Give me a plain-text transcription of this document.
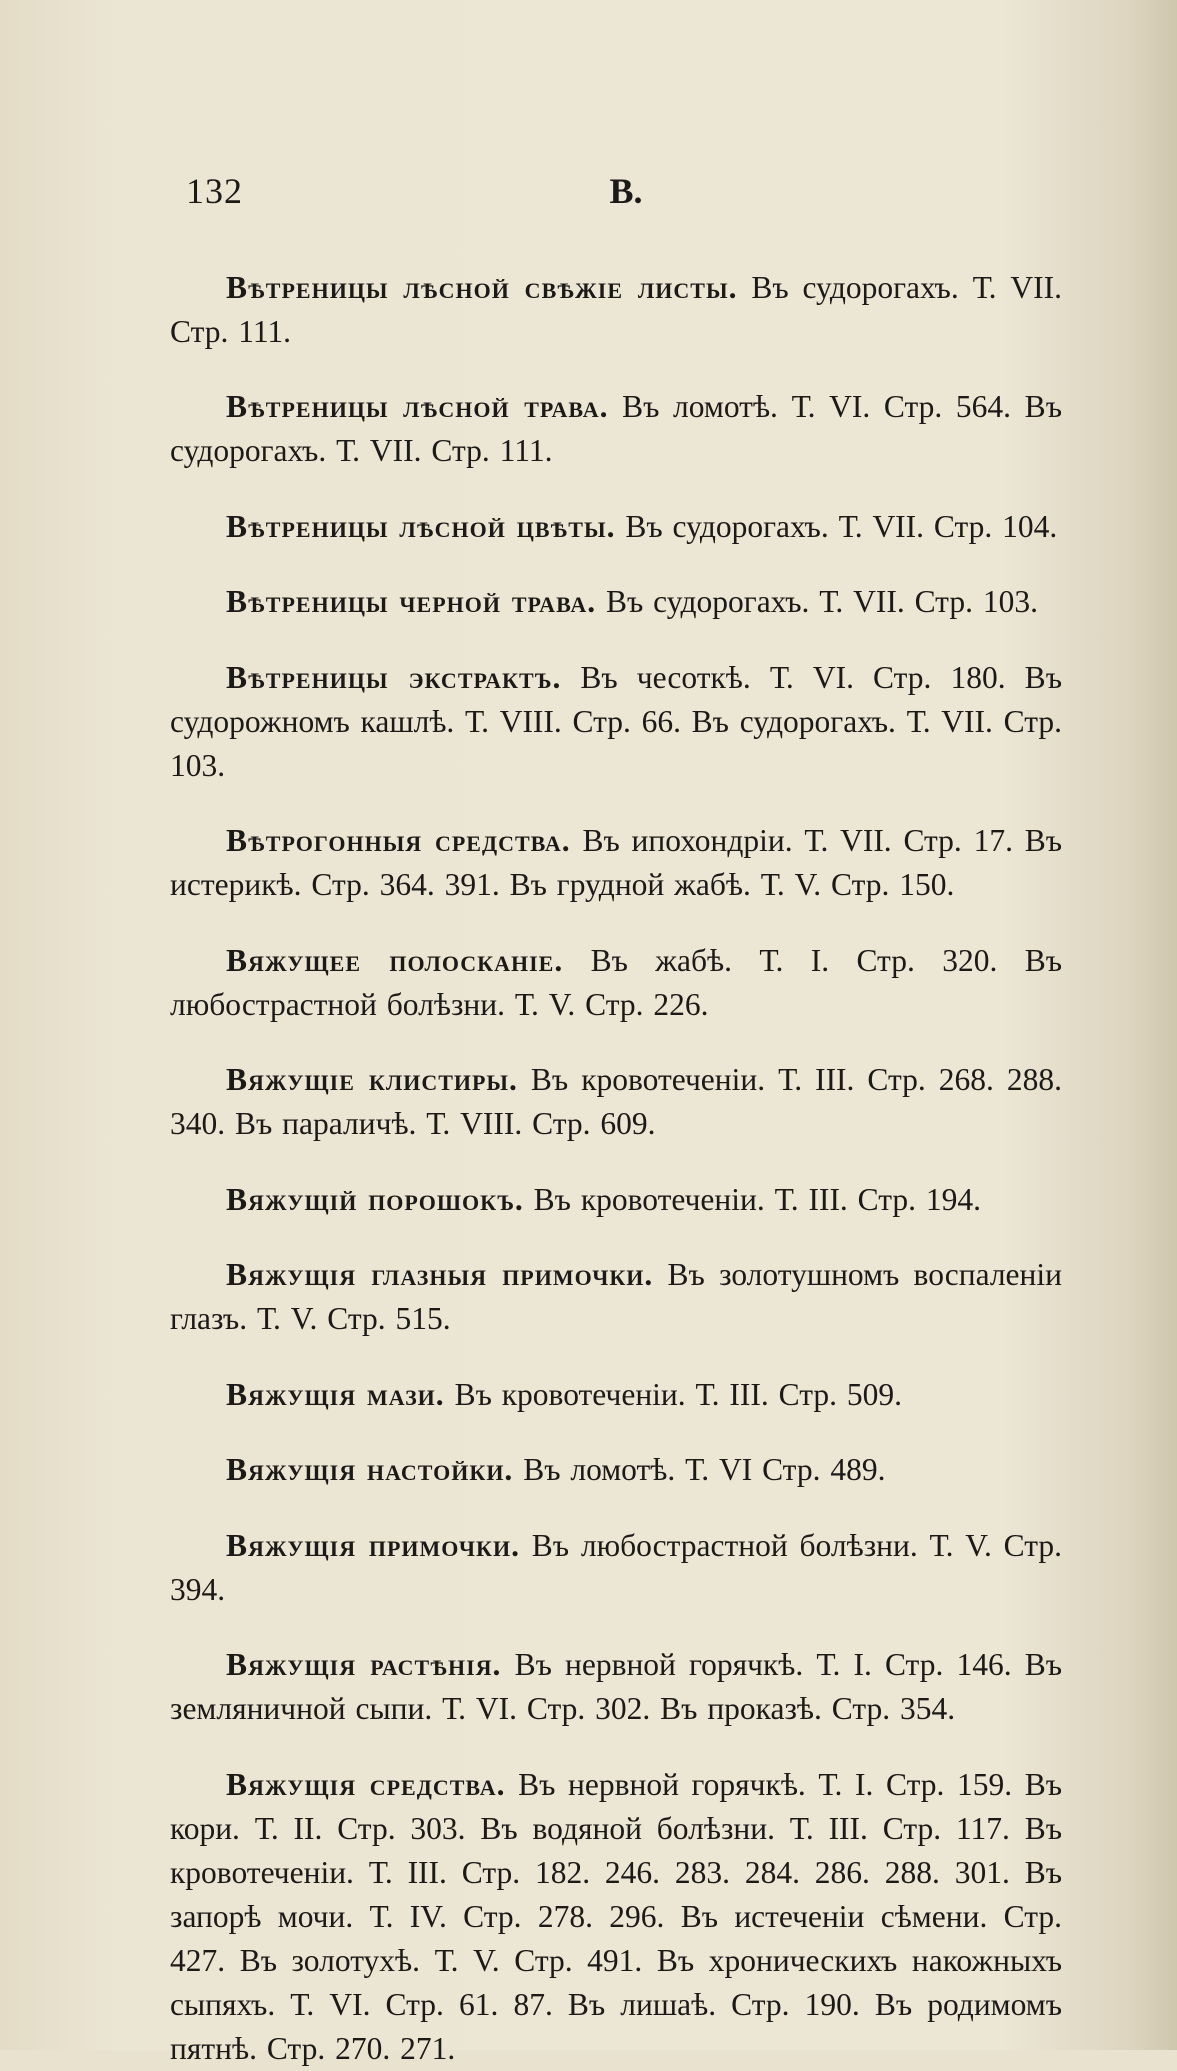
132	В.

Вѣтреницы лѣсной свѣжіе листы. Въ судорогахъ. Т. VII. Стр. 111.

Вѣтреницы лѣсной трава. Въ ломотѣ. Т. VI. Стр. 564. Въ судорогахъ. Т. VII. Стр. 111.

Вѣтреницы лѣсной цвѣты. Въ судорогахъ. Т. VII. Стр. 104.

Вѣтреницы черной трава. Въ судорогахъ. Т. VII. Стр. 103.

Вѣтреницы экстрактъ. Въ чесоткѣ. Т. VI. Стр. 180. Въ судорожномъ кашлѣ. Т. VIII. Стр. 66. Въ судорогахъ. Т. VII. Стр. 103.

Вѣтрогонныя средства. Въ ипохондріи. Т. VII. Стр. 17. Въ истерикѣ. Стр. 364. 391. Въ грудной жабѣ. Т. V. Стр. 150.

Вяжущее полосканіе. Въ жабѣ. Т. I. Стр. 320. Въ любострастной болѣзни. Т. V. Стр. 226.

Вяжущіе клистиры. Въ кровотеченіи. Т. III. Стр. 268. 288. 340. Въ параличѣ. Т. VIII. Стр. 609.

Вяжущій порошокъ. Въ кровотеченіи. Т. III. Стр. 194.

Вяжущія глазныя примочки. Въ золотушномъ воспаленіи глазъ. Т. V. Стр. 515.

Вяжущія мази. Въ кровотеченіи. Т. III. Стр. 509.

Вяжущія настойки. Въ ломотѣ. Т. VI Стр. 489.

Вяжущія примочки. Въ любострастной болѣзни. Т. V. Стр. 394.

Вяжущія растѣнія. Въ нервной горячкѣ. Т. I. Стр. 146. Въ земляничной сыпи. Т. VI. Стр. 302. Въ проказѣ. Стр. 354.

Вяжущія средства. Въ нервной горячкѣ. Т. I. Стр. 159. Въ кори. Т. II. Стр. 303. Въ водяной болѣзни. Т. III. Стр. 117. Въ кровотеченіи. Т. III. Стр. 182. 246. 283. 284. 286. 288. 301. Въ запорѣ мочи. Т. IV. Стр. 278. 296. Въ истеченіи сѣмени. Стр. 427. Въ золотухѣ. Т. V. Стр. 491. Въ хроническихъ накожныхъ сыпяхъ. Т. VI. Стр. 61. 87. Въ лишаѣ. Стр. 190. Въ родимомъ пятнѣ. Стр. 270. 271.
